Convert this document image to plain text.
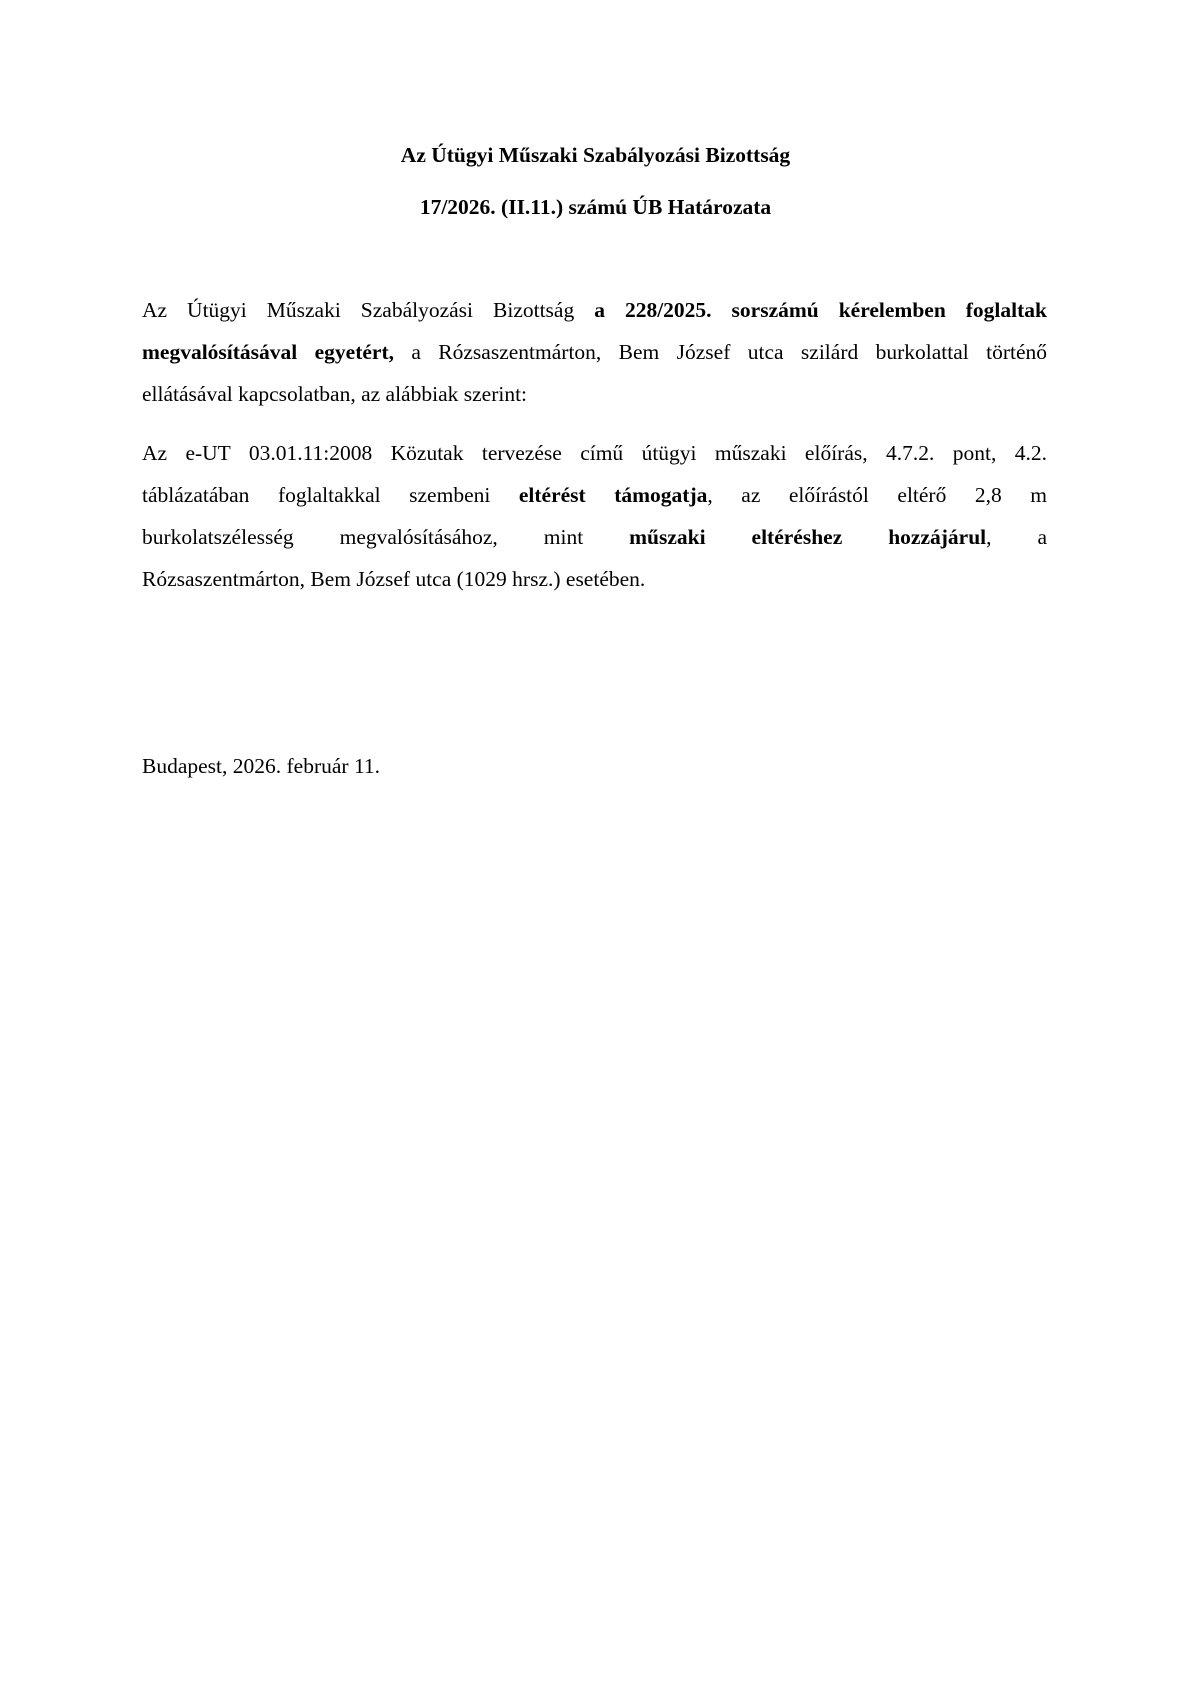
Az Útügyi Műszaki Szabályozási Bizottság
17/2026. (II.11.) számú ÚB Határozata
Az Útügyi Műszaki Szabályozási Bizottság a 228/2025. sorszámú kérelemben foglaltak
megvalósításával egyetért, a Rózsaszentmárton, Bem József utca szilárd burkolattal történő
ellátásával kapcsolatban, az alábbiak szerint:
Az e-UT 03.01.11:2008 Közutak tervezése című útügyi műszaki előírás, 4.7.2. pont, 4.2.
táblázatában foglaltakkal szembeni eltérést támogatja, az előírástól eltérő 2,8 m
burkolatszélesség megvalósításához, mint műszaki eltéréshez hozzájárul, a
Rózsaszentmárton, Bem József utca (1029 hrsz.) esetében.
Budapest, 2026. február 11.
